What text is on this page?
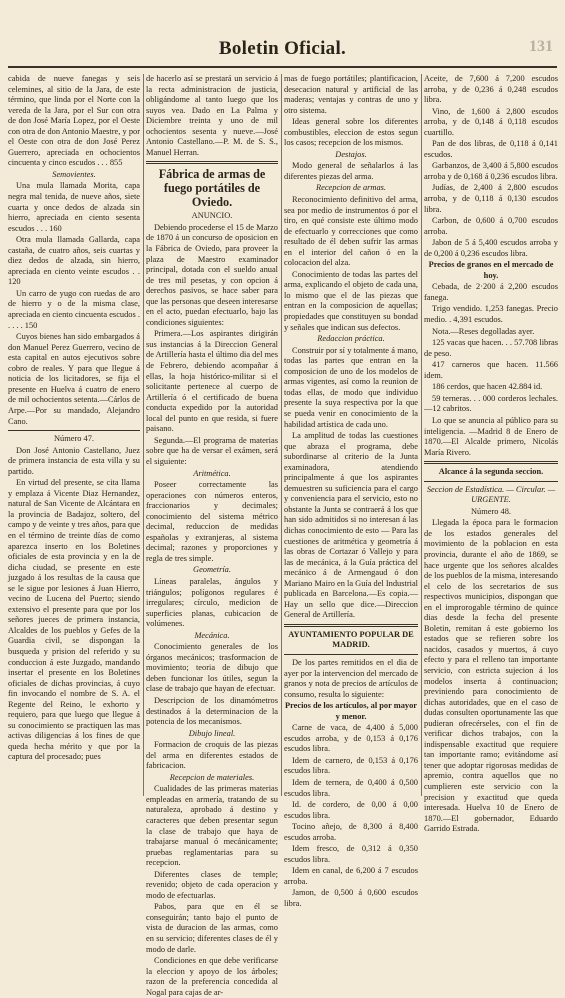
Boletin Oficial.	131

cabida de nueve fanegas y seis celemines, al sitio de la Jara, de este término, que linda por el Norte con la vereda de la Jara, por el Sur con otra de don José María Lopez, por el Oeste con otra de don Antonio Maestre, y por el Oeste con otra de don José Perez Guerrero, apreciada en ochocientos cincuenta y cinco escudos . . . 855

Semovientes.

Una mula llamada Morita, capa negra mal tenida, de nueve años, siete cuarta y once dedos de alzada sin hierro, apreciada en ciento sesenta escudos . . . 160

Otra mula llamada Gallarda, capa castaña, de cuatro años, seis cuartas y diez dedos de alzada, sin hierro, apreciada en ciento veinte escudos . . 120

Un carro de yugo con ruedas de aro de hierro y o de la misma clase, apreciada en ciento cincuenta escudos . . . . . 150

Cuyos bienes han sido embargados á don Manuel Perez Guerrero, vecino de esta capital en autos ejecutivos sobre cobro de reales. Y para que llegue á noticia de los licitadores, se fija el presente en Huelva á cuatro de enero de mil ochocientos setenta.—Cárlos de Arpe.—Por su mandado, Alejandro Cano.

Número 47.

Don José Antonio Castellano, Juez de primera instancia de esta villa y su partido.

En virtud del presente, se cita llama y emplaza á Vicente Diaz Hernandez, natural de San Vicente de Alcántara en la provincia de Badajoz, soltero, del campo y de veinte y tres años, para que en el término de treinte días de como aparezca inserto en los Boletines oficiales de esta provincia y en la de dicha ciudad, se presente en este juzgado á los resultas de la causa que se le sigue por lesiones á Juan Hierro, vecino de Lucena del Puerto; siendo extensivo el presente para que por los señores jueces de primera instancia, Alcaldes de los pueblos y Gefes de la Guardia civil, se dispongan la busqueda y prision del referido y su conduccion á este Juzgado, mandando insertar el presente en los Boletines oficiales de dichas provincias, á cuyo fin invocando el nombre de S. A. el Regente del Reino, le exhorto y requiero, para que luego que llegue á su conocimiento se practiquen las mas activas diligencias á los fines de que queda hecha mérito y que por la captura del procesado; pues

de hacerlo así se prestará un servicio á la recta administracion de justicia, obligándome al tanto luego que los suyos vea. Dado en La Palma y Diciembre treinta y uno de mil ochocientos sesenta y nueve.—José Antonio Castellano.—P. M. de S. S., Manuel Herran.

Fábrica de armas de fuego portátiles de Oviedo.

ANUNCIO.

Debiendo procederse el 15 de Marzo de 1870 á un concurso de oposicion en la Fábrica de Oviedo, para proveer la plaza de Maestro examinador principal, dotada con el sueldo anual de tres mil pesetas, y con opcion á derechos pasivos, se hace saber para que las personas que deseen interesarse en el acto, puedan efectuarlo, bajo las condiciones siguientes:

Primera.—Los aspirantes dirigirán sus instancias á la Direccion General de Artillería hasta el último dia del mes de Febrero, debiendo acompañar á ellas, la hoja histórico-militar si el solicitante pertenece al cuerpo de Artillería ó el certificado de buena conducta expedido por la autoridad local del punto en que resida, si fuere paisano.

Segunda.—El programa de materias sobre que ha de versar el exámen, será el siguiente:

Aritmética.

Poseer correctamente las operaciones con números enteros, fraccionarios y decimales; conocimiento del sistema métrico decimal, reduccion de medidas españolas y extranjeras, al sistema decimal; razones y proporciones y regla de tres simple.

Geometría.

Líneas paralelas, ángulos y triángulos; polígonos regulares é irregulares; círculo, medicion de superficies planas, cubicacion de volúmenes.

Mecánica.

Conocimiento generales de los órganos mecánicos; trasformacion de movimiento; teoria de dibujo que deben funcionar los útiles, segun la clase de trabajo que hayan de efectuar.

Descripcion de los dinamómetros destinados á la determinacion de la potencia de los mecanismos.

Dibujo lineal.

Formacion de croquis de las piezas del arma en diferentes estados de fabricacion.

Recepcion de materiales.

Cualidades de las primeras materias empleadas en armería, tratando de su naturaleza, aprobado á destino y caracteres que deben presentar segun la clase de trabajo que haya de trabajarse manual ó mecánicamente; pruebas reglamentarias para su recepcion.

Diferentes clases de temple; revenido; objeto de cada operacion y modo de efectuarlas.

Pabos, para que en él se conseguirán; tanto bajo el punto de vista de duracion de las armas, como en su servicio; diferentes clases de él y modo de darle.

Condiciones en que debe verificarse la eleccion y apoyo de los árboles; razon de la preferencia concedida al Nogal para cajas de ar-

mas de fuego portátiles; plantificacion, desecacion natural y artificial de las maderas; ventajas y contras de uno y otro sistema.

Ideas general sobre los diferentes combustibles, eleccion de estos segun los casos; recepcion de los mismos.

Destajos.

Modo general de señalarlos á las diferentes piezas del arma.

Recepcion de armas.

Reconocimiento definitivo del arma, sea por medio de instrumentos ó por el tiro, en qué consiste este último modo de efectuarlo y correcciones que como resultado de él deben sufrir las armas en el interior del cañon ó en la colocacion del alza.

Conocimiento de todas las partes del arma, explicando el objeto de cada una, lo mismo que el de las piezas que entran en la composicion de aquellas; propiedades que constituyen su bondad y señales que indican sus defectos.

Redaccion práctica.

Construir por sí y totalmente á mano, todas las partes que entran en la composicion de uno de los modelos de armas vigentes, así como la reunion de todas ellas, de modo que individuo presente la suya respectiva por la que se pueda venir en conocimiento de la habilidad artística de cada uno.

La amplitud de todas las cuestiones que abraza el programa, debe subordinarse al criterio de la Junta examinadora, atendiendo principalmente á que los aspirantes demuestren su suficiencia para el cargo y conveniencia para el servicio, esto no obstante la Junta se contraerá á los que han sido admitidos si no interesan á las dichas conocimiento de esto — Para las cuestiones de aritmética y geometría á las obras de Cortazar ó Vallejo y para las de mecánica, á la Guía práctica del mecánico á de Armengaud ó don Mariano Mairo en la Guía del Industrial publicada en Barcelona.—Es copia.—Hay un sello que dice.—Direccion General de Artillería.

AYUNTAMIENTO POPULAR DE MADRID.

De los partes remitidos en el dia de ayer por la intervencion del mercado de granos y nota de precios de artículos de consumo, resulta lo siguiente:

Precios de los artículos, al por mayor y menor.

Carne de vaca, de 4,400 á 5,000 escudos arroba, y de 0,153 á 0,176 escudos libra.

Idem de carnero, de 0,153 á 0,176 escudos libra.

Idem de ternera, de 0,400 á 0,500 escudos libra.

Id. de cordero, de 0,00 á 0,00 escudos libra.

Tocino añejo, de 8,300 á 8,400 escudos arroba.

Idem fresco, de 0,312 á 0,350 escudos libra.

Idem en canal, de 6,200 á 7 escudos arroba.

Jamon, de 0,500 á 0,600 escudos libra.

Aceite, de 7,600 á 7,200 escudos arroba, y de 0,236 á 0,248 escudos libra.

Vino, de 1,600 á 2,800 escudos arroba, y de 0,148 á 0,118 escudos cuartillo.

Pan de dos libras, de 0,118 á 0,141 escudos.

Garbanzos, de 3,400 á 5,800 escudos arroba y de 0,168 á 0,236 escudos libra.

Judías, de 2,400 á 2,800 escudos arroba, y de 0,118 á 0,130 escudos libra.

Carbon, de 0,600 á 0,700 escudos arroba.

Jabon de 5 á 5,400 escudos arroba y de 0,200 á 0,236 escudos libra.

Precios de granos en el mercado de hoy.

Cebada, de 2·200 á 2,200 escudos fanega.

Trigo vendido. 1,253 fanegas. Precio medio. . 4,391 escudos.

Nota.—Reses degolladas ayer.

125 vacas que hacen. . . 57.708 libras de peso.

417 carneros que hacen. 11.566 idem.

186 cerdos, que hacen 42.884 id.

59 terneras. . . 000 corderos lechales. —12 cabritos.

Lo que se anuncia al público para su inteligencia. —Madrid 8 de Enero de 1870.—El Alcalde primero, Nicolás María Rivero.

Alcance á la segunda seccion.

Seccion de Estadística. — Circular. — URGENTE.

Número 48.

Llegada la época para le formacion de los estados generales del movimiento de la poblacion en esta provincia, durante el año de 1869, se hace urgente que los señores alcaldes de los pueblos de la misma, interesando el celo de los secretarios de sus respectivos municipios, dispongan que en el improrogable término de quince dias desde la fecha del presente Boletin, remitan á este gobierno los estados que se refieren sobre los nacidos, casados y muertos, á cuyo efecto y para el relleno tan importante servicio, con estricta sujecion á los modelos inserta á continuacion; previniendo para conocimiento de dichas autoridades, que en el caso de dudas consulten oportunamente las que pudieran ofrecérseles, con el fin de verificar dichos trabajos, con la indispensable exactitud que requiere tan importante ramo; evitándome así tener que adoptar rigorosas medidas de apremio, contra aquellos que no cumplieren este servicio con la precision y exactitud que queda interesada. Huelva 10 de Enero de 1870.—El gobernador, Eduardo Garrido Estrada.
